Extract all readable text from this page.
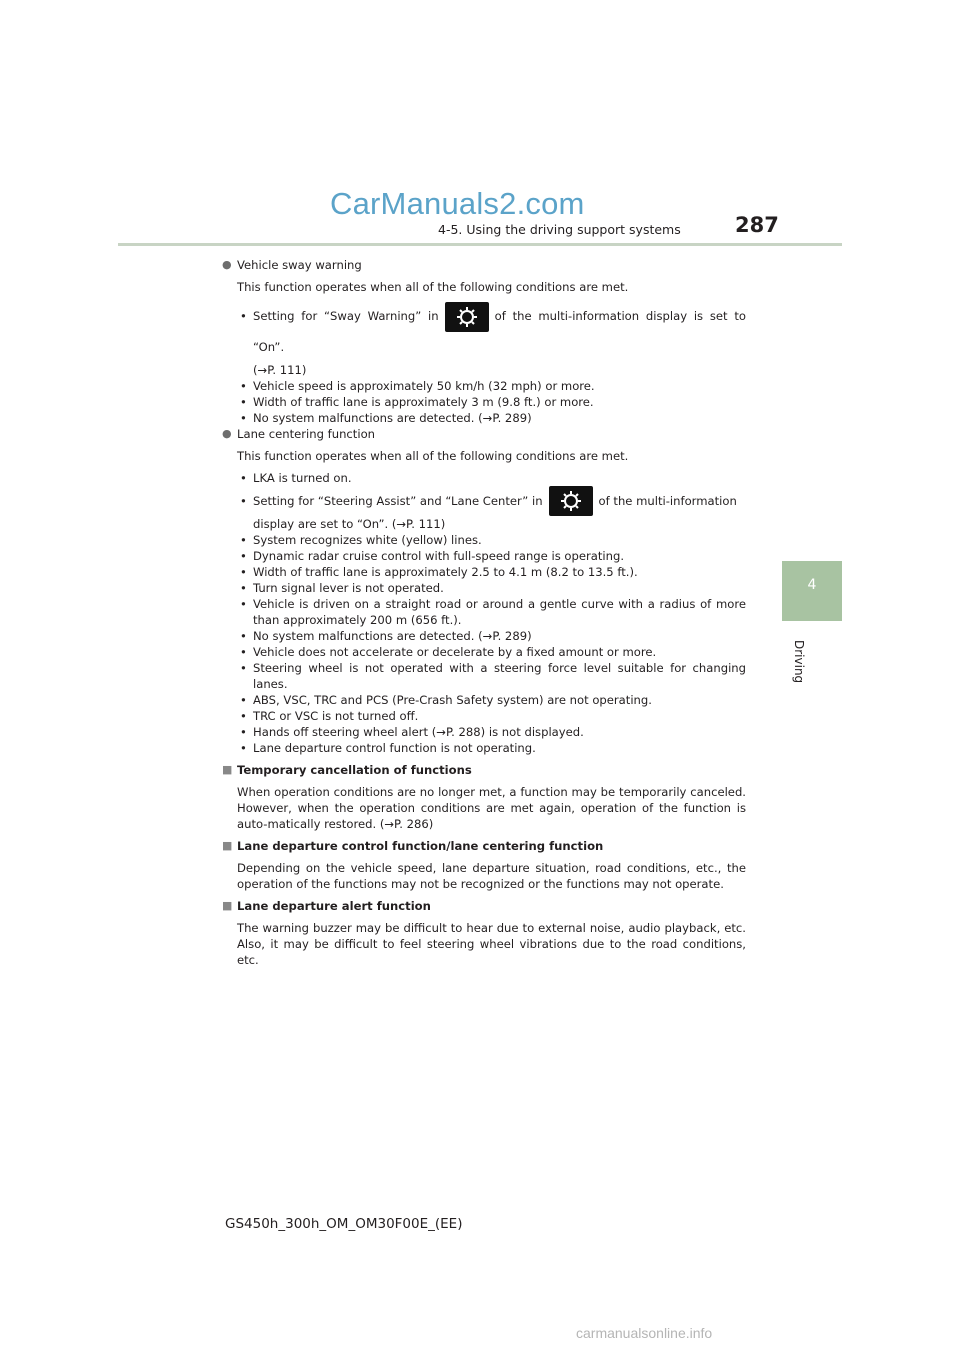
CarManuals2.com
4-5. Using the driving support systems	287
4
Driving
● Vehicle sway warning
This function operates when all of the following conditions are met.
• Setting for “Sway Warning” in	of the multi-information display is set to “On”.
(→P. 111)
• Vehicle speed is approximately 50 km/h (32 mph) or more.
• Width of traffic lane is approximately 3 m (9.8 ft.) or more.
• No system malfunctions are detected. (→P. 289)
● Lane centering function
This function operates when all of the following conditions are met.
• LKA is turned on.
• Setting for “Steering Assist” and “Lane Center” in	of the multi-information
display are set to “On”. (→P. 111)
• System recognizes white (yellow) lines.
• Dynamic radar cruise control with full-speed range is operating.
• Width of traffic lane is approximately 2.5 to 4.1 m (8.2 to 13.5 ft.).
• Turn signal lever is not operated.
• Vehicle is driven on a straight road or around a gentle curve with a radius of more than approximately 200 m (656 ft.).
• No system malfunctions are detected. (→P. 289)
• Vehicle does not accelerate or decelerate by a fixed amount or more.
• Steering wheel is not operated with a steering force level suitable for changing lanes.
• ABS, VSC, TRC and PCS (Pre-Crash Safety system) are not operating.
• TRC or VSC is not turned off.
• Hands off steering wheel alert (→P. 288) is not displayed.
• Lane departure control function is not operating.
■ Temporary cancellation of functions
When operation conditions are no longer met, a function may be temporarily canceled. However, when the operation conditions are met again, operation of the function is auto-matically restored. (→P. 286)
■ Lane departure control function/lane centering function
Depending on the vehicle speed, lane departure situation, road conditions, etc., the operation of the functions may not be recognized or the functions may not operate.
■ Lane departure alert function
The warning buzzer may be difficult to hear due to external noise, audio playback, etc. Also, it may be difficult to feel steering wheel vibrations due to the road conditions, etc.
GS450h_300h_OM_OM30F00E_(EE)
carmanualsonline.info
